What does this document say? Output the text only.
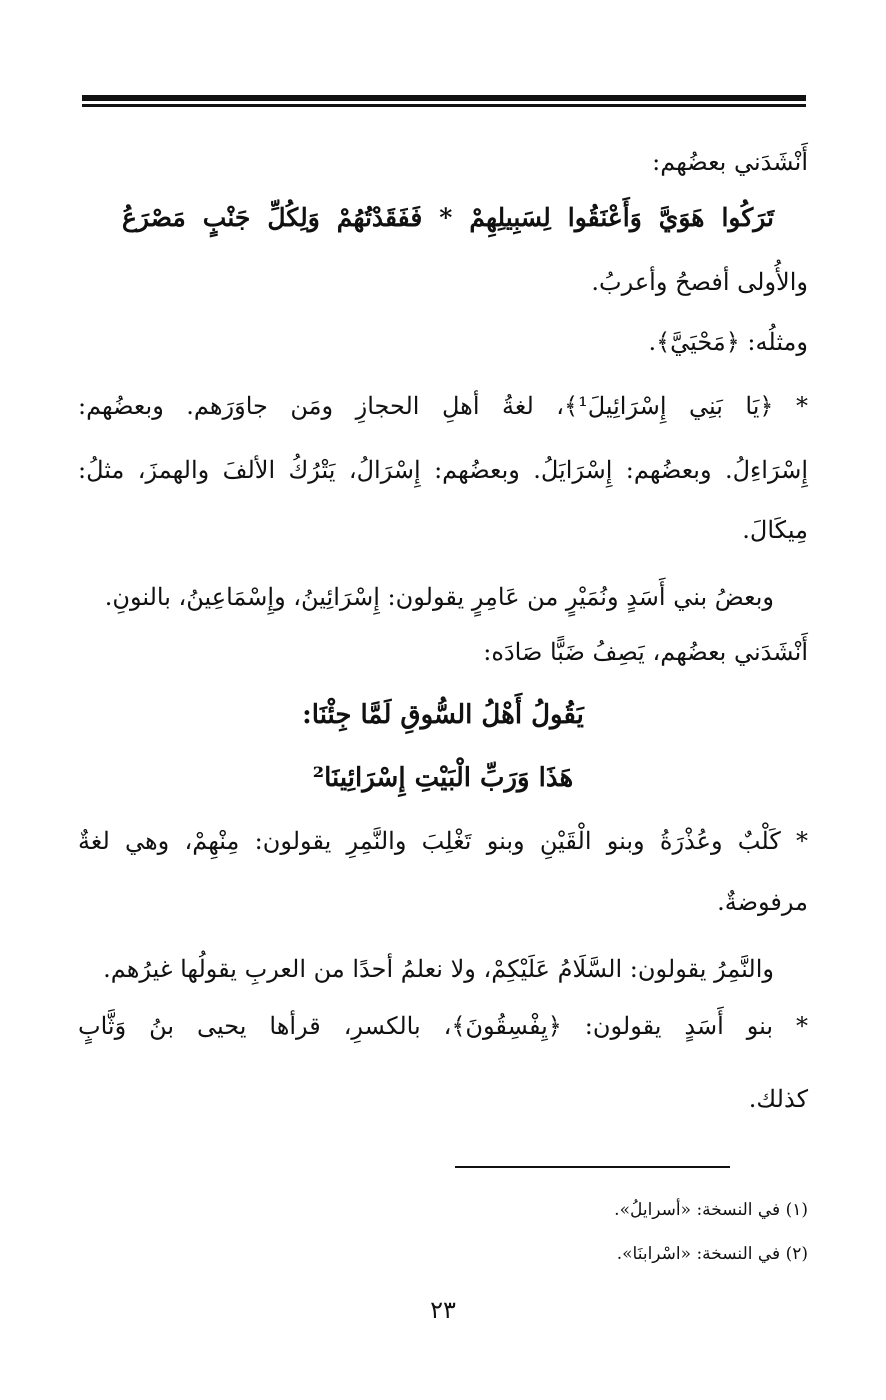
أَنْشَدَني بعضُهم:
تَرَكُوا هَوَيَّ وَأَعْنَقُوا لِسَبِيلِهِمْ * فَفَقَدْتُهُمْ وَلِكُلِّ جَنْبٍ مَصْرَعُ
والأُولى أفصحُ وأعربُ.
ومثلُه: ﴿مَحْيَيَّ﴾.
* ﴿يَا بَنِي إِسْرَائِيلَ¹﴾، لغةُ أهلِ الحجازِ ومَن جاوَرَهم. وبعضُهم:
إِسْرَاءِلُ. وبعضُهم: إِسْرَايَلُ. وبعضُهم: إِسْرَالُ، يَتْرُكُ الألفَ والهمزَ، مثلُ:
مِيكَالَ.
وبعضُ بني أَسَدٍ ونُمَيْرٍ من عَامِرٍ يقولون: إِسْرَائِينُ، وإِسْمَاعِينُ، بالنونِ.
أَنْشَدَني بعضُهم، يَصِفُ ضَبًّا صَادَه:
يَقُولُ أَهْلُ السُّوقِ لَمَّا جِئْنَا:
هَذَا وَرَبِّ الْبَيْتِ إِسْرَائِينَا²
* كَلْبٌ وعُذْرَةُ وبنو الْقَيْنِ وبنو تَغْلِبَ والنَّمِرِ يقولون: مِنْهِمْ، وهي لغةٌ
مرفوضةٌ.
والنَّمِرُ يقولون: السَّلَامُ عَلَيْكِمْ، ولا نعلمُ أحدًا من العربِ يقولُها غيرُهم.
* بنو أَسَدٍ يقولون: ﴿يِفْسِقُونَ﴾، بالكسرِ، قرأها يحيى بنُ وَثَّابٍ
كذلك.
(١) في النسخة: «أسرايلُ».
(٢) في النسخة: «اسْرابنَا».
٢٣
